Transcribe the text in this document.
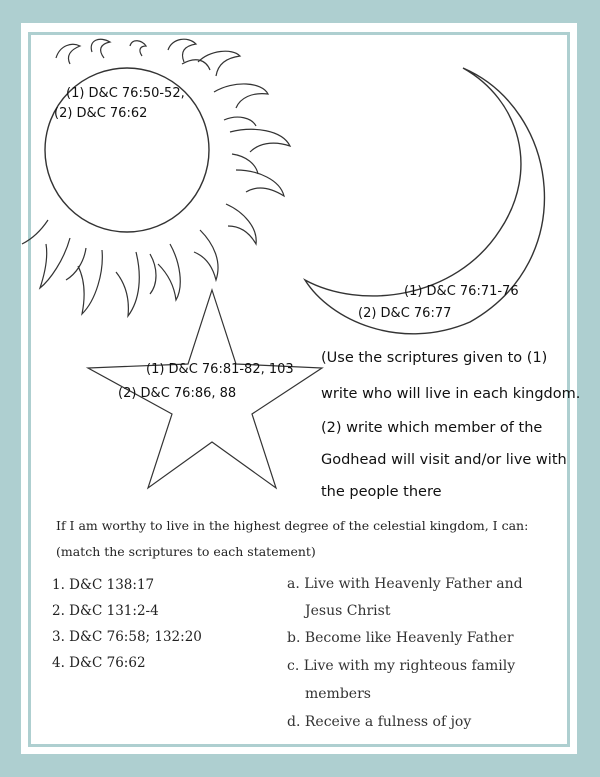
(1) D&C 76:50-52,
(2) D&C 76:62
(1) D&C 76:71-76
(2) D&C 76:77
(1) D&C 76:81-82, 103
(2) D&C 76:86, 88
(Use the scriptures given to (1)
write who will live in each kingdom.
(2) write which member of the
Godhead will visit and/or live with
the people there
If I am worthy to live in the highest degree of the celestial kingdom, I can:
(match the scriptures to each statement)
1. D&C 138:17
2. D&C 131:2-4
3. D&C 76:58; 132:20
4. D&C 76:62
a. Live with Heavenly Father and
Jesus Christ
b. Become like Heavenly Father
c. Live with my righteous family
members
d. Receive a fulness of joy
